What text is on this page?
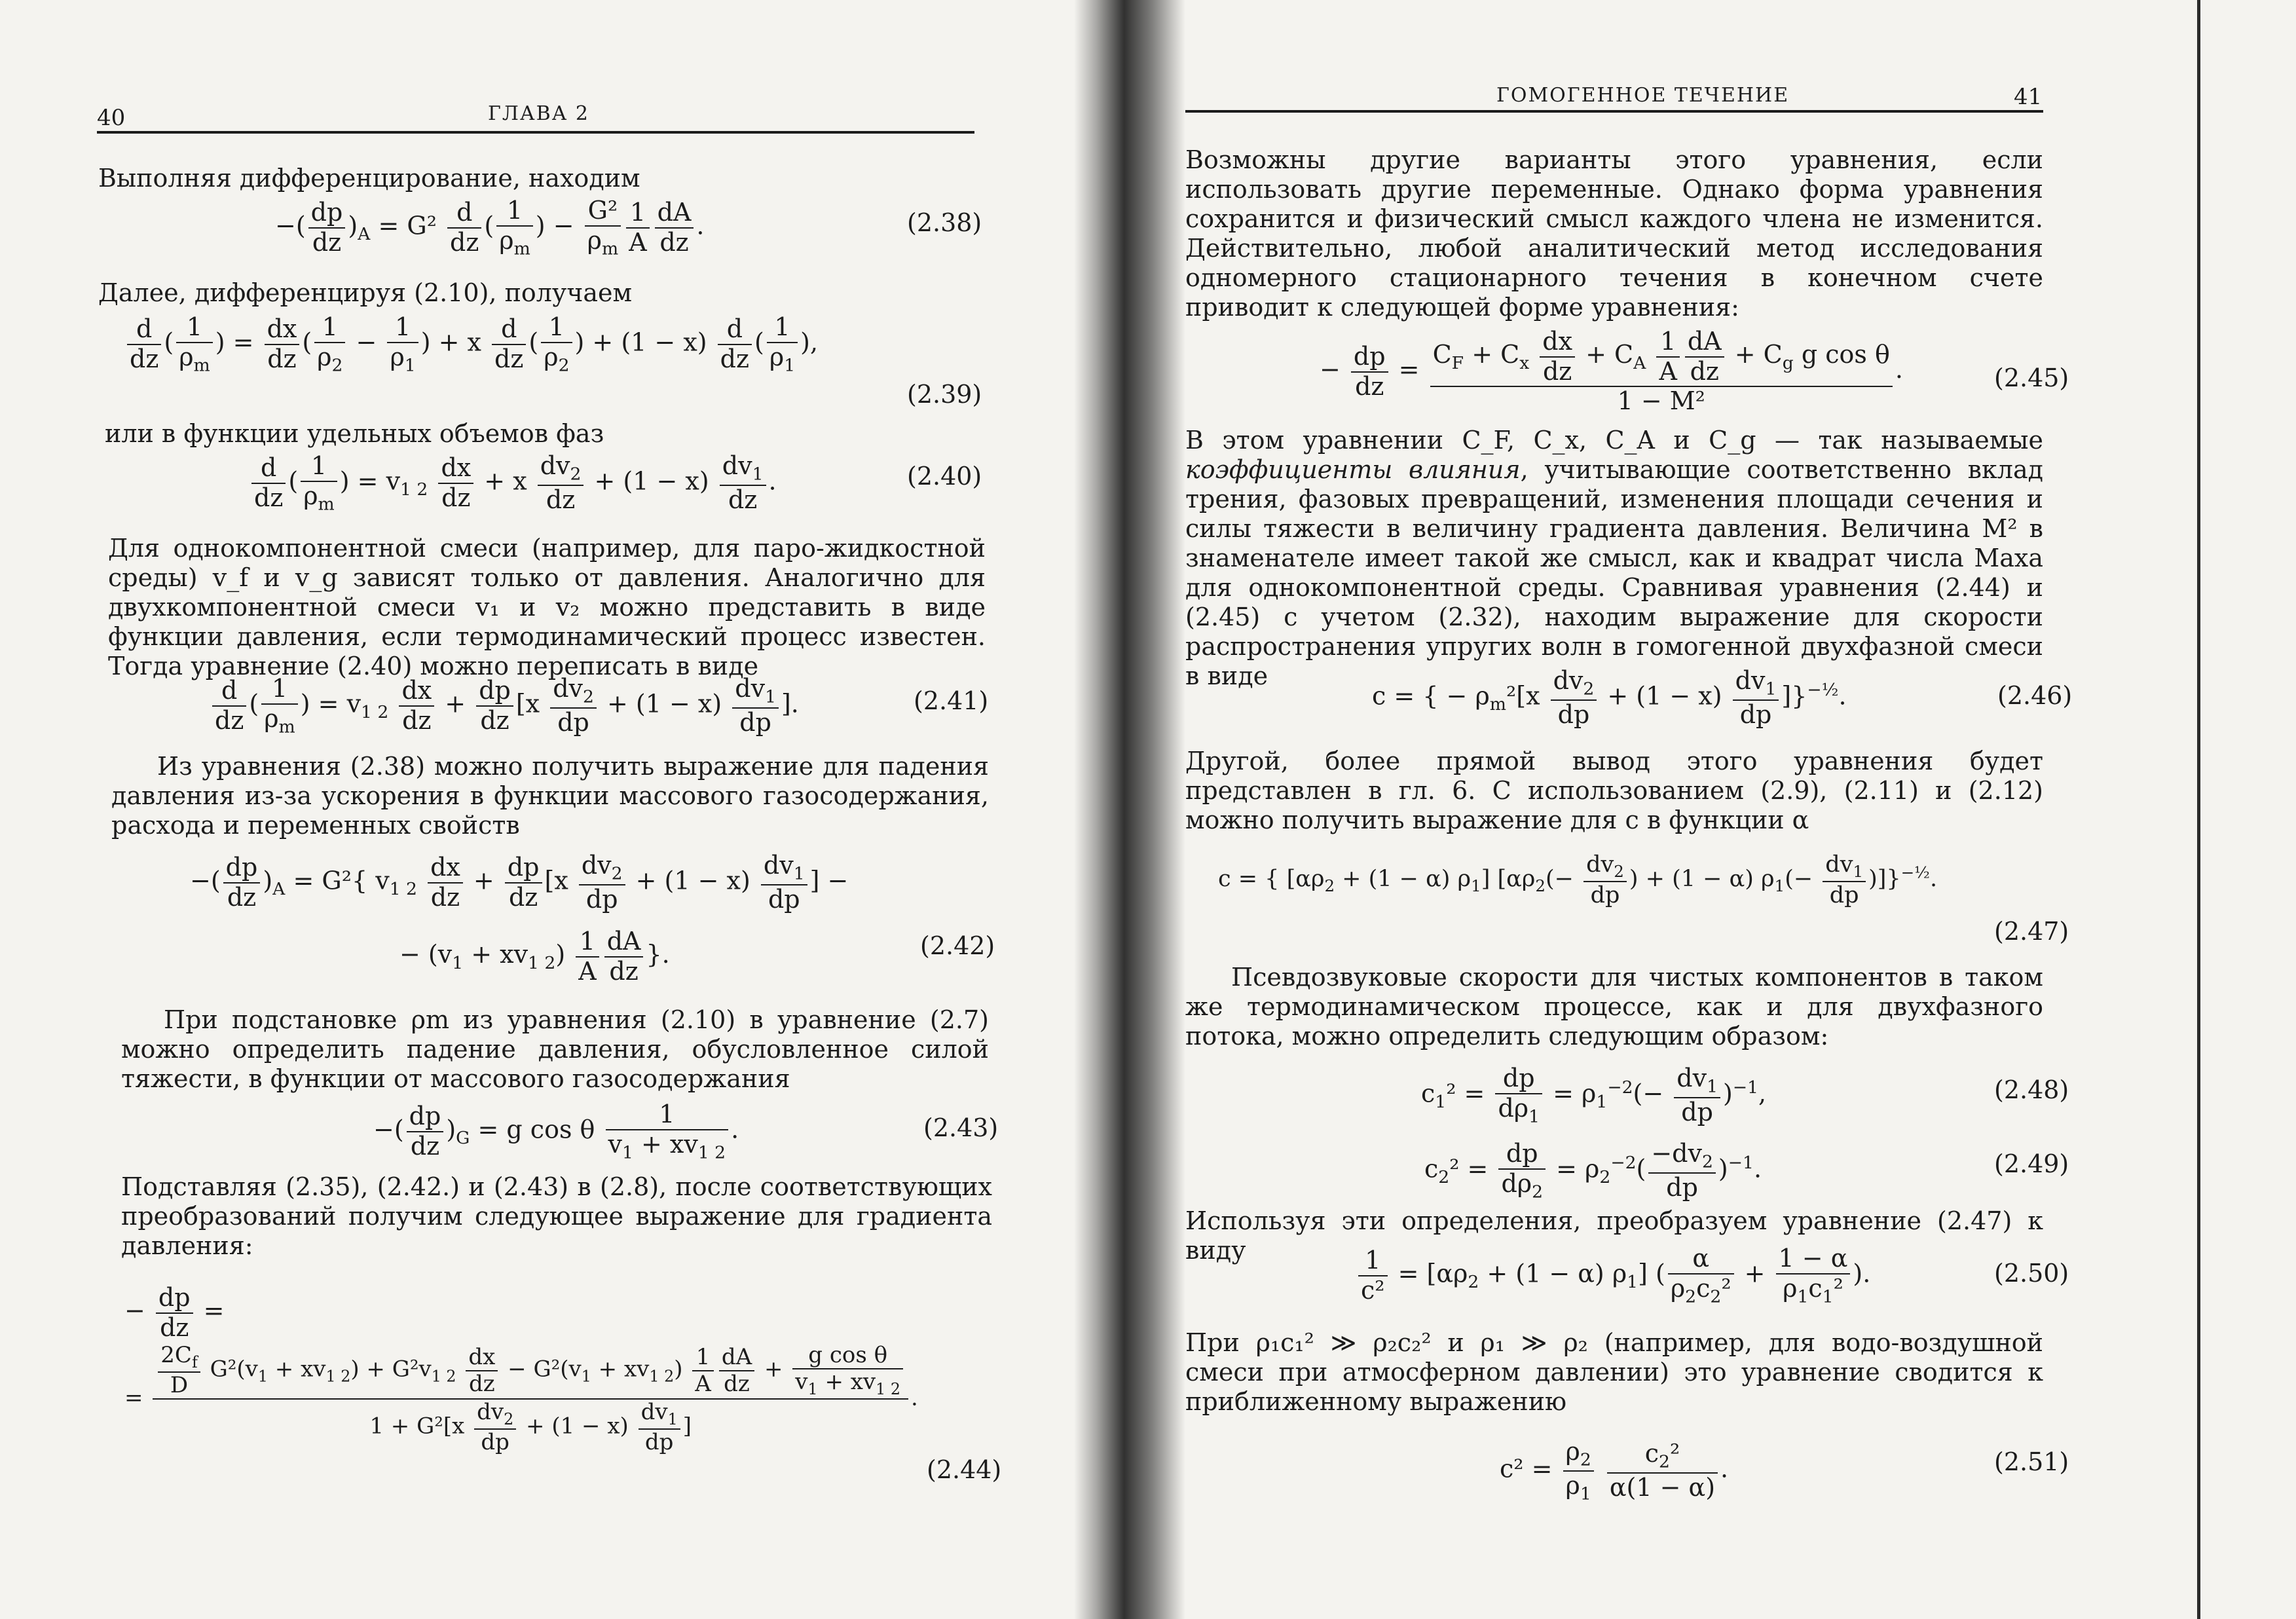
40	ГЛАВА 2

Выполняя дифференцирование, находим

−( $\frac{dp}{dz} )_A = G^2 \frac{d}{dz}$ ( $\frac{1}{\rho_m}$ ) − $\frac{\text{G²}}{\rho_m} \frac{1}{A} \frac{dA}{dz}$ .	(2.38)

Далее, дифференцируя (2.10), получаем

$\frac{d}{dz}$ ( $\frac{1}{\rho_m}$ ) = $\frac{dx}{dz}$ ( $\frac{1}{\rho_2} - \frac{1}{\rho_1}$ ) + x $\frac{d}{dz}$ ( $\frac{1}{\rho_2}$ ) + $(1 - x) \frac{d}{dz}$ ( $\frac{1}{\rho_1}$ ),
(2.39)

или в функции удельных объемов фаз

$\frac{d}{dz}$ ( $\frac{1}{\rho_m}$ ) = $v_{1 2} \frac{dx}{dz} + x \frac{dv_2}{dz} + (1 - x) \frac{dv_1}{dz}$ .	(2.40)

Для однокомпонентной смеси (например, для паро-жидкостной среды) v_f и v_g зависят только от давления. Аналогично для двухкомпонентной смеси v₁ и v₂ можно представить в виде функции давления, если термодинамический процесс известен. Тогда уравнение (2.40) можно переписать в виде

$\frac{d}{dz}$ ( $\frac{1}{\rho_m}$ ) = $v_{1 2} \frac{dx}{dz} + \frac{dp}{dz} [x \frac{dv_2}{dp} + (1 - x) \frac{dv_1}{dp}$ ].	(2.41)

Из уравнения (2.38) можно получить выражение для падения давления из-за ускорения в функции массового газосодержания, расхода и переменных свойств

−( $\frac{dp}{dz} )_A = G^2${ $v_{1 2} \frac{dx}{dz} + \frac{dp}{dz} [x \frac{dv_2}{dp} + (1 - x) \frac{dv_1}{dp}$ ] −
− $(v_1 + xv_{1 2}) \frac{1}{A} \frac{dA}{dz}$ }.	(2.42)

При подстановке ρm из уравнения (2.10) в уравнение (2.7) можно определить падение давления, обусловленное силой тяжести, в функции от массового газосодержания

−( $\frac{dp}{dz} )_G = g$ cos θ $\frac{1}{v_1 + xv_{1 2}}$ .	(2.43)

Подставляя (2.35), (2.42.) и (2.43) в (2.8), после соответствующих преобразований получим следующее выражение для градиента давления:

− $\frac{dp}{dz}$ =
= $\frac{2C_f}{D} G^2(v_1 + xv_{1 2}) + G^2v_{1 2} \frac{dx}{dz} - G^2(v_1 + xv_{1 2}) \frac{1}{A} \frac{dA}{dz} + \frac{\text{g cos θ}}{v_1 + xv_{1 2}}$
$1 + G^2[x \frac{dv_2}{dp} + (1 - x) \frac{dv_1}{dp}$ ]
.
(2.44)
ГОМОГЕННОЕ ТЕЧЕНИЕ	41

Возможны другие варианты этого уравнения, если использовать другие переменные. Однако форма уравнения сохранится и физический смысл каждого члена не изменится. Действительно, любой аналитический метод исследования одномерного стационарного течения в конечном счете приводит к следующей форме уравнения:

− $\frac{dp}{dz} = \frac{C_F + C_x \frac{dx}{dz} + C_A \frac{1}{A} \frac{dA}{dz} + C_g g \cos \theta}{\text{1 − M²}}$ .	(2.45)

В этом уравнении C_F, C_x, C_A и C_g — так называемые коэффициенты влияния, учитывающие соответственно вклад трения, фазовых превращений, изменения площади сечения и силы тяжести в величину градиента давления. Величина M² в знаменателе имеет такой же смысл, как и квадрат числа Маха для однокомпонентной среды. Сравнивая уравнения (2.44) и (2.45) с учетом (2.32), находим выражение для скорости распространения упругих волн в гомогенной двухфазной смеси в виде

c = { − $\rho_m^2[x \frac{dv_2}{dp} + (1 - x) \frac{dv_1}{dp} ]\}^{-\frac{1}{2}}$.	(2.46)

Другой, более прямой вывод этого уравнения будет представлен в гл. 6. С использованием (2.9), (2.11) и (2.12) можно получить выражение для c в функции α

c = { [$\alpha\rho_2 + (1 - \alpha)$ $\rho_1$] [$\alpha\rho_2(- \frac{dv_2}{dp}$ ) + (1 − α) $\rho_1(- \frac{dv_1}{dp} )]\}^{-\frac{1}{2}}$.
(2.47)

Псевдозвуковые скорости для чистых компонентов в таком же термодинамическом процессе, как и для двухфазного потока, можно определить следующим образом:

$c_1^2 = \frac{dp}{d\rho_1} = \rho_1^{-2}(- \frac{dv_1}{dp} )^{-1}$,	(2.48)
$c_2^2 = \frac{dp}{d\rho_2} = \rho_2^{-2}( \frac{-dv_2}{dp} )^{-1}$.	(2.49)

Используя эти определения, преобразуем уравнение (2.47) к виду	$\frac{1}{\text{c²}} = [\alpha\rho_2 + (1 - \alpha)$ $\rho_1$] ( $\frac{\alpha}{\rho_2c_2^2} + \frac{1 - \alpha}{\rho_1c_1^2}$ ).	(2.50)

При ρ₁c₁² ≫ ρ₂c₂² и ρ₁ ≫ ρ₂ (например, для водо-воздушной смеси при атмосферном давлении) это уравнение сводится к приближенному выражению

$c^2 = \frac{\rho_2}{\rho_1}$
$\frac{c_2^2}{\alpha(1 - \alpha)}$ .	(2.51)
